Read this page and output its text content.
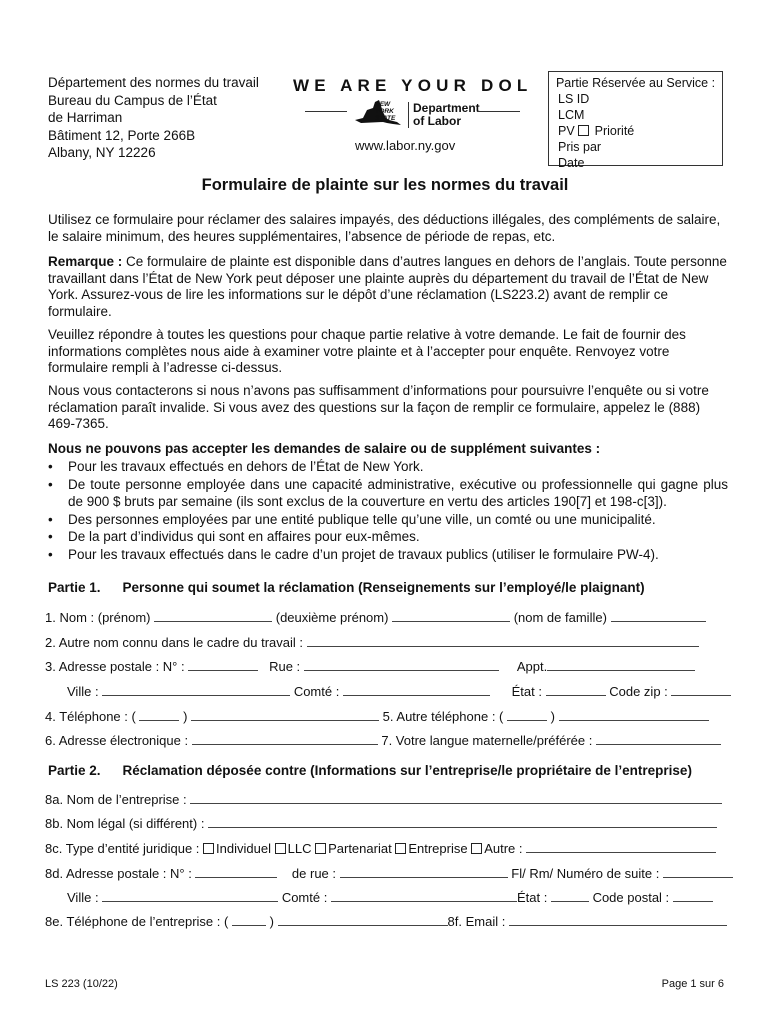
Département des normes du travail
Bureau du Campus de l’État
de Harriman
Bâtiment 12, Porte 266B
Albany, NY 12226
WE ARE YOUR DOL
NEW
YORK
STATE
Department
of Labor
www.labor.ny.gov
Partie Réservée au Service :
LS ID
LCM
PV Priorité
Pris par
Date
Formulaire de plainte sur les normes du travail
Utilisez ce formulaire pour réclamer des salaires impayés, des déductions illégales, des compléments de salaire, le salaire minimum, des heures supplémentaires, l’absence de période de repas, etc.
Remarque : Ce formulaire de plainte est disponible dans d’autres langues en dehors de l’anglais. Toute personne travaillant dans l’État de New York peut déposer une plainte auprès du département du travail de l’État de New York. Assurez-vous de lire les informations sur le dépôt d’une réclamation (LS223.2) avant de remplir ce formulaire.
Veuillez répondre à toutes les questions pour chaque partie relative à votre demande. Le fait de fournir des informations complètes nous aide à examiner votre plainte et à l’accepter pour enquête. Renvoyez votre formulaire rempli à l’adresse ci-dessus.
Nous vous contacterons si nous n’avons pas suffisamment d’informations pour poursuivre l’enquête ou si votre réclamation paraît invalide. Si vous avez des questions sur la façon de remplir ce formulaire, appelez le (888) 469-7365.
Nous ne pouvons pas accepter les demandes de salaire ou de supplément suivantes :
• Pour les travaux effectués en dehors de l’État de New York.
• De toute personne employée dans une capacité administrative, exécutive ou professionnelle qui gagne plus de 900 $ bruts par semaine (ils sont exclus de la couverture en vertu des articles 190[7] et 198-c[3]).
• Des personnes employées par une entité publique telle qu’une ville, un comté ou une municipalité.
• De la part d’individus qui sont en affaires pour eux-mêmes.
• Pour les travaux effectués dans le cadre d’un projet de travaux publics (utiliser le formulaire PW-4).
Partie 1. Personne qui soumet la réclamation (Renseignements sur l’employé/le plaignant)
1. Nom : (prénom)	(deuxième prénom)	(nom de famille)
2. Autre nom connu dans le cadre du travail :
3. Adresse postale : N° :	Rue :	Appt.
Ville :	Comté :	État :	Code zip :
4. Téléphone : (	)	5. Autre téléphone : (	)
6. Adresse électronique :	7. Votre langue maternelle/préférée :
Partie 2. Réclamation déposée contre (Informations sur l’entreprise/le propriétaire de l’entreprise)
8a. Nom de l’entreprise :
8b. Nom légal (si différent) :
8c. Type d’entité juridique : Individuel LLC Partenariat Entreprise Autre :
8d. Adresse postale : N° :	de rue :	Fl/ Rm/ Numéro de suite :
Ville :	Comté :	État :	Code postal :
8e. Téléphone de l’entreprise : (	)	8f. Email :
LS 223 (10/22)	Page 1 sur 6
